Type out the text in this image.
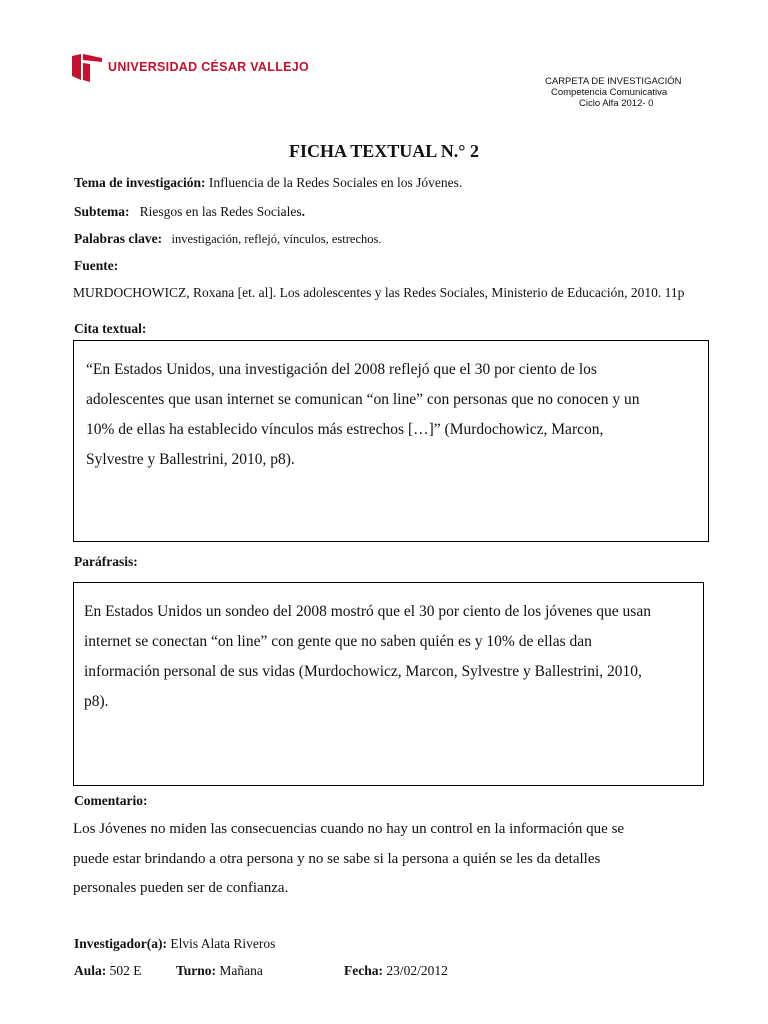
UNIVERSIDAD CÉSAR VALLEJO
CARPETA DE INVESTIGACIÓN
Competencia Comunicativa
Ciclo Alfa 2012- 0
FICHA TEXTUAL N.° 2
Tema de investigación: Influencia de la Redes Sociales en los Jóvenes.
Subtema:   Riesgos en las Redes Sociales.
Palabras clave:   investigación, reflejó, vínculos, estrechos.
Fuente:
MURDOCHOWICZ, Roxana [et. al]. Los adolescentes y las Redes Sociales, Ministerio de Educación, 2010. 11p
Cita textual:
“En Estados Unidos, una investigación del 2008 reflejó que el 30 por ciento de los
adolescentes que usan internet se comunican “on line” con personas que no conocen y un
10% de ellas ha establecido vínculos más estrechos […]” (Murdochowicz, Marcon,
Sylvestre y Ballestrini, 2010, p8).
Paráfrasis:
En Estados Unidos un sondeo del 2008 mostró que el 30 por ciento de los jóvenes que usan
internet se conectan “on line” con gente que no saben quién es y 10% de ellas dan
información personal de sus vidas (Murdochowicz, Marcon, Sylvestre y Ballestrini, 2010,
p8).
Comentario:
Los Jóvenes no miden las consecuencias cuando no hay un control en la información que se
puede estar brindando a otra persona y no se sabe si la persona a quién se les da detalles
personales pueden ser de confianza.
Investigador(a): Elvis Alata Riveros
Aula: 502 E	Turno: Mañana	Fecha: 23/02/2012
